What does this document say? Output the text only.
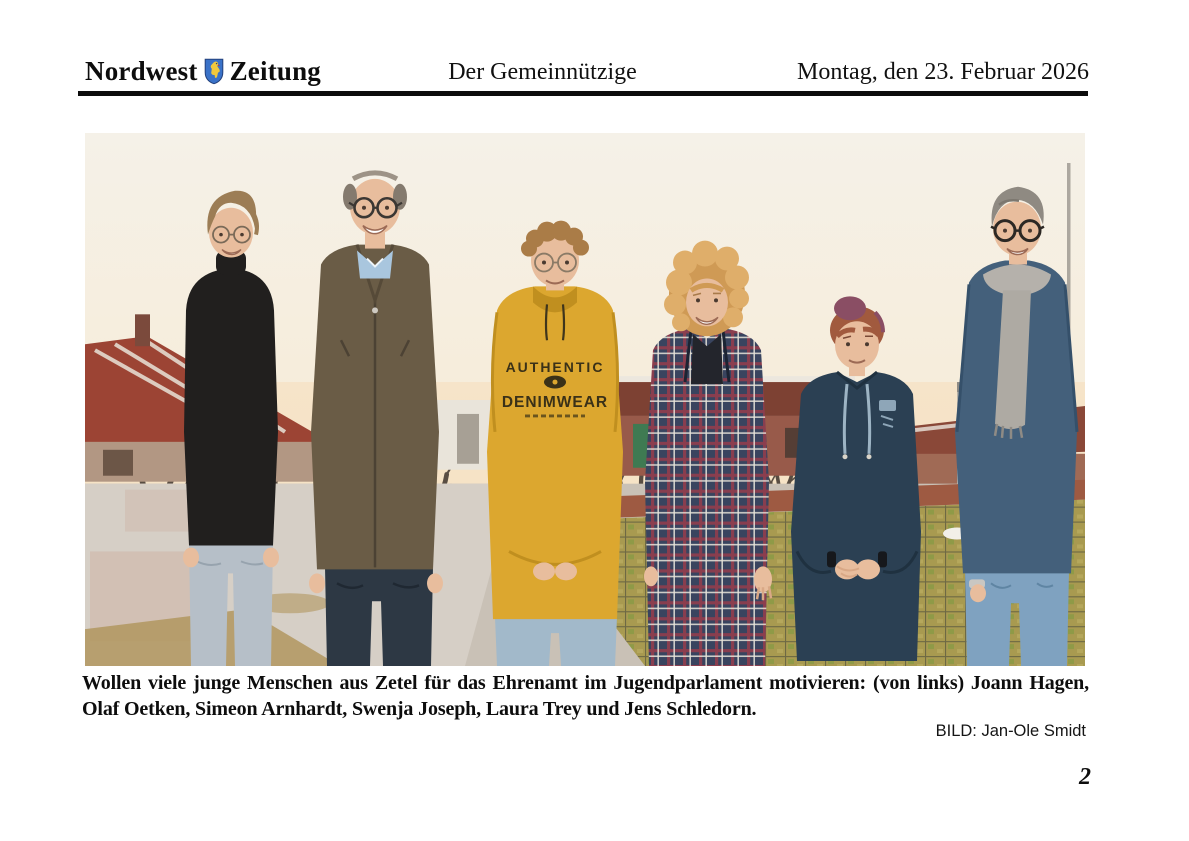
Nordwest Zeitung	Der Gemeinnützige	Montag, den 23. Februar 2026
AUTHENTIC
DENIMWEAR

Wollen viele junge Menschen aus Zetel für das Ehrenamt im Jugendparlament motivieren: (von links) Joann Hagen, Olaf Oetken, Simeon Arnhardt, Swenja Joseph, Laura Trey und Jens Schledorn.

BILD: Jan-Ole Smidt
2
